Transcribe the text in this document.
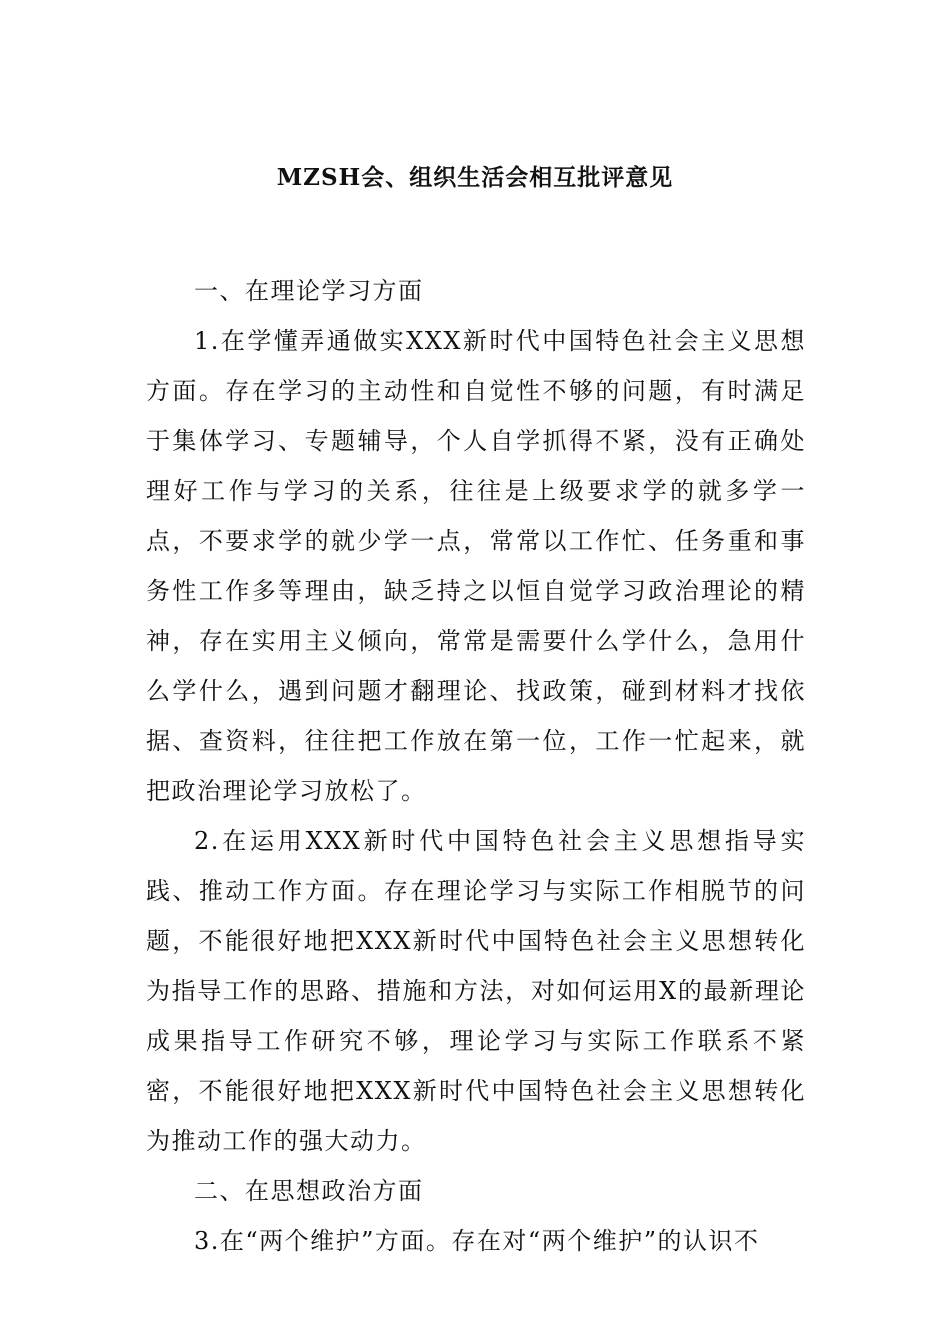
MZSH会、组织生活会相互批评意见

一、在理论学习方面

1.在学懂弄通做实XXX新时代中国特色社会主义思想方面。存在学习的主动性和自觉性不够的问题，有时满足于集体学习、专题辅导，个人自学抓得不紧，没有正确处理好工作与学习的关系，往往是上级要求学的就多学一点，不要求学的就少学一点，常常以工作忙、任务重和事务性工作多等理由，缺乏持之以恒自觉学习政治理论的精神，存在实用主义倾向，常常是需要什么学什么，急用什么学什么，遇到问题才翻理论、找政策，碰到材料才找依据、查资料，往往把工作放在第一位，工作一忙起来，就把政治理论学习放松了。

2.在运用XXX新时代中国特色社会主义思想指导实践、推动工作方面。存在理论学习与实际工作相脱节的问题，不能很好地把XXX新时代中国特色社会主义思想转化为指导工作的思路、措施和方法，对如何运用X的最新理论成果指导工作研究不够，理论学习与实际工作联系不紧密，不能很好地把XXX新时代中国特色社会主义思想转化为推动工作的强大动力。

二、在思想政治方面

3.在“两个维护”方面。存在对“两个维护”的认识不
